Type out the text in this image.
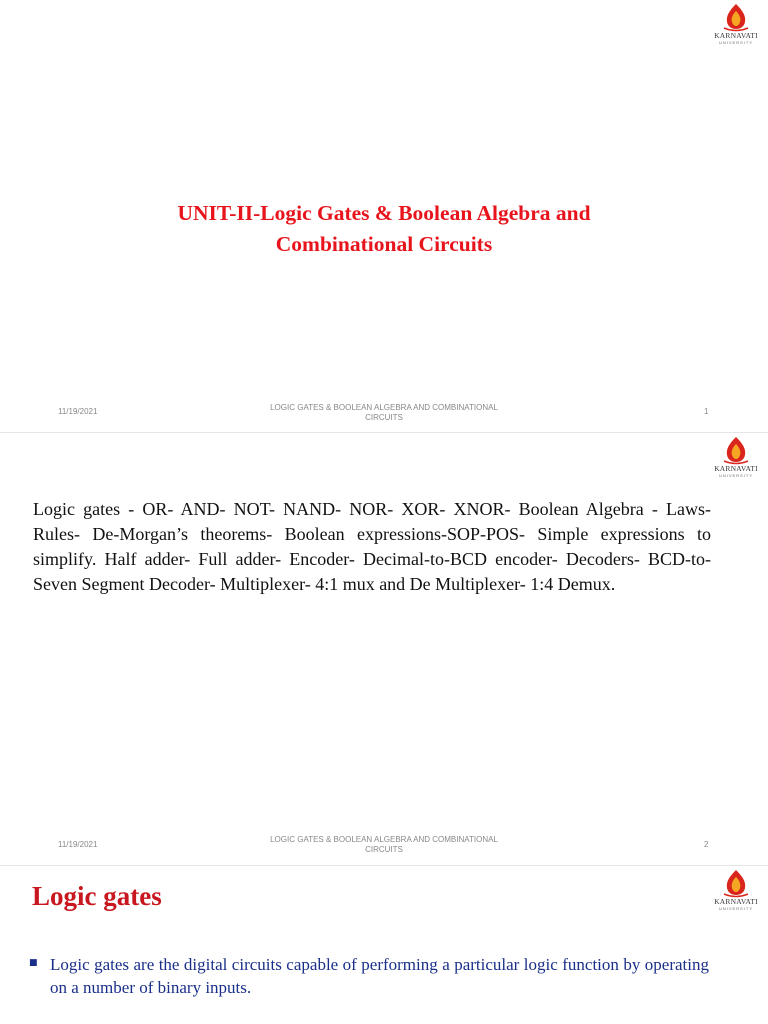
KARNAVATI
UNIVERSITY
UNIT-II-Logic Gates & Boolean Algebra and
Combinational Circuits
11/19/2021	LOGIC GATES & BOOLEAN ALGEBRA AND COMBINATIONAL
CIRCUITS
1
KARNAVATI
UNIVERSITY
Logic gates - OR- AND- NOT- NAND- NOR- XOR- XNOR- Boolean Algebra - Laws- Rules- De-Morgan’s theorems- Boolean expressions-SOP-POS- Simple expressions to simplify. Half adder- Full adder- Encoder- Decimal-to-BCD encoder- Decoders- BCD-to-Seven Segment Decoder- Multiplexer- 4:1 mux and De Multiplexer- 1:4 Demux.
11/19/2021
LOGIC GATES & BOOLEAN ALGEBRA AND COMBINATIONAL
CIRCUITS
2
Logic gates	KARNAVATI
UNIVERSITY
■ Logic gates are the digital circuits capable of performing a particular logic function by operating on a number of binary inputs.
